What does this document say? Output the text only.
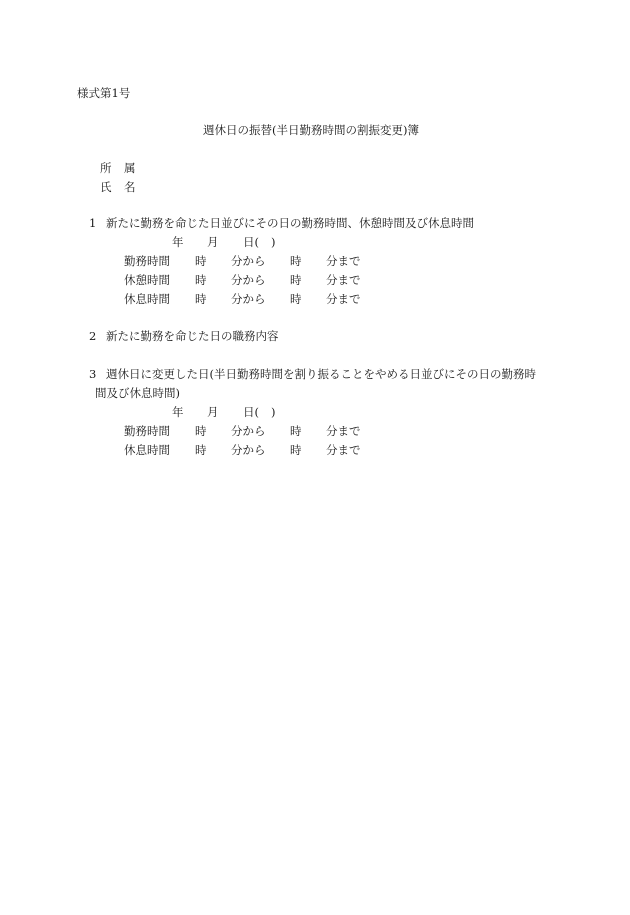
様式第1号
週休日の振替(半日勤務時間の割振変更)簿
所 属
氏 名
1 新たに勤務を命じた日並びにその日の勤務時間、休憩時間及び休息時間
年 月 日( )
勤務時間 時 分から 時 分まで
休憩時間 時 分から 時 分まで
休息時間 時 分から 時 分まで
2 新たに勤務を命じた日の職務内容
3 週休日に変更した日(半日勤務時間を割り振ることをやめる日並びにその日の勤務時
間及び休息時間)
年 月 日( )
勤務時間 時 分から 時 分まで
休息時間 時 分から 時 分まで
